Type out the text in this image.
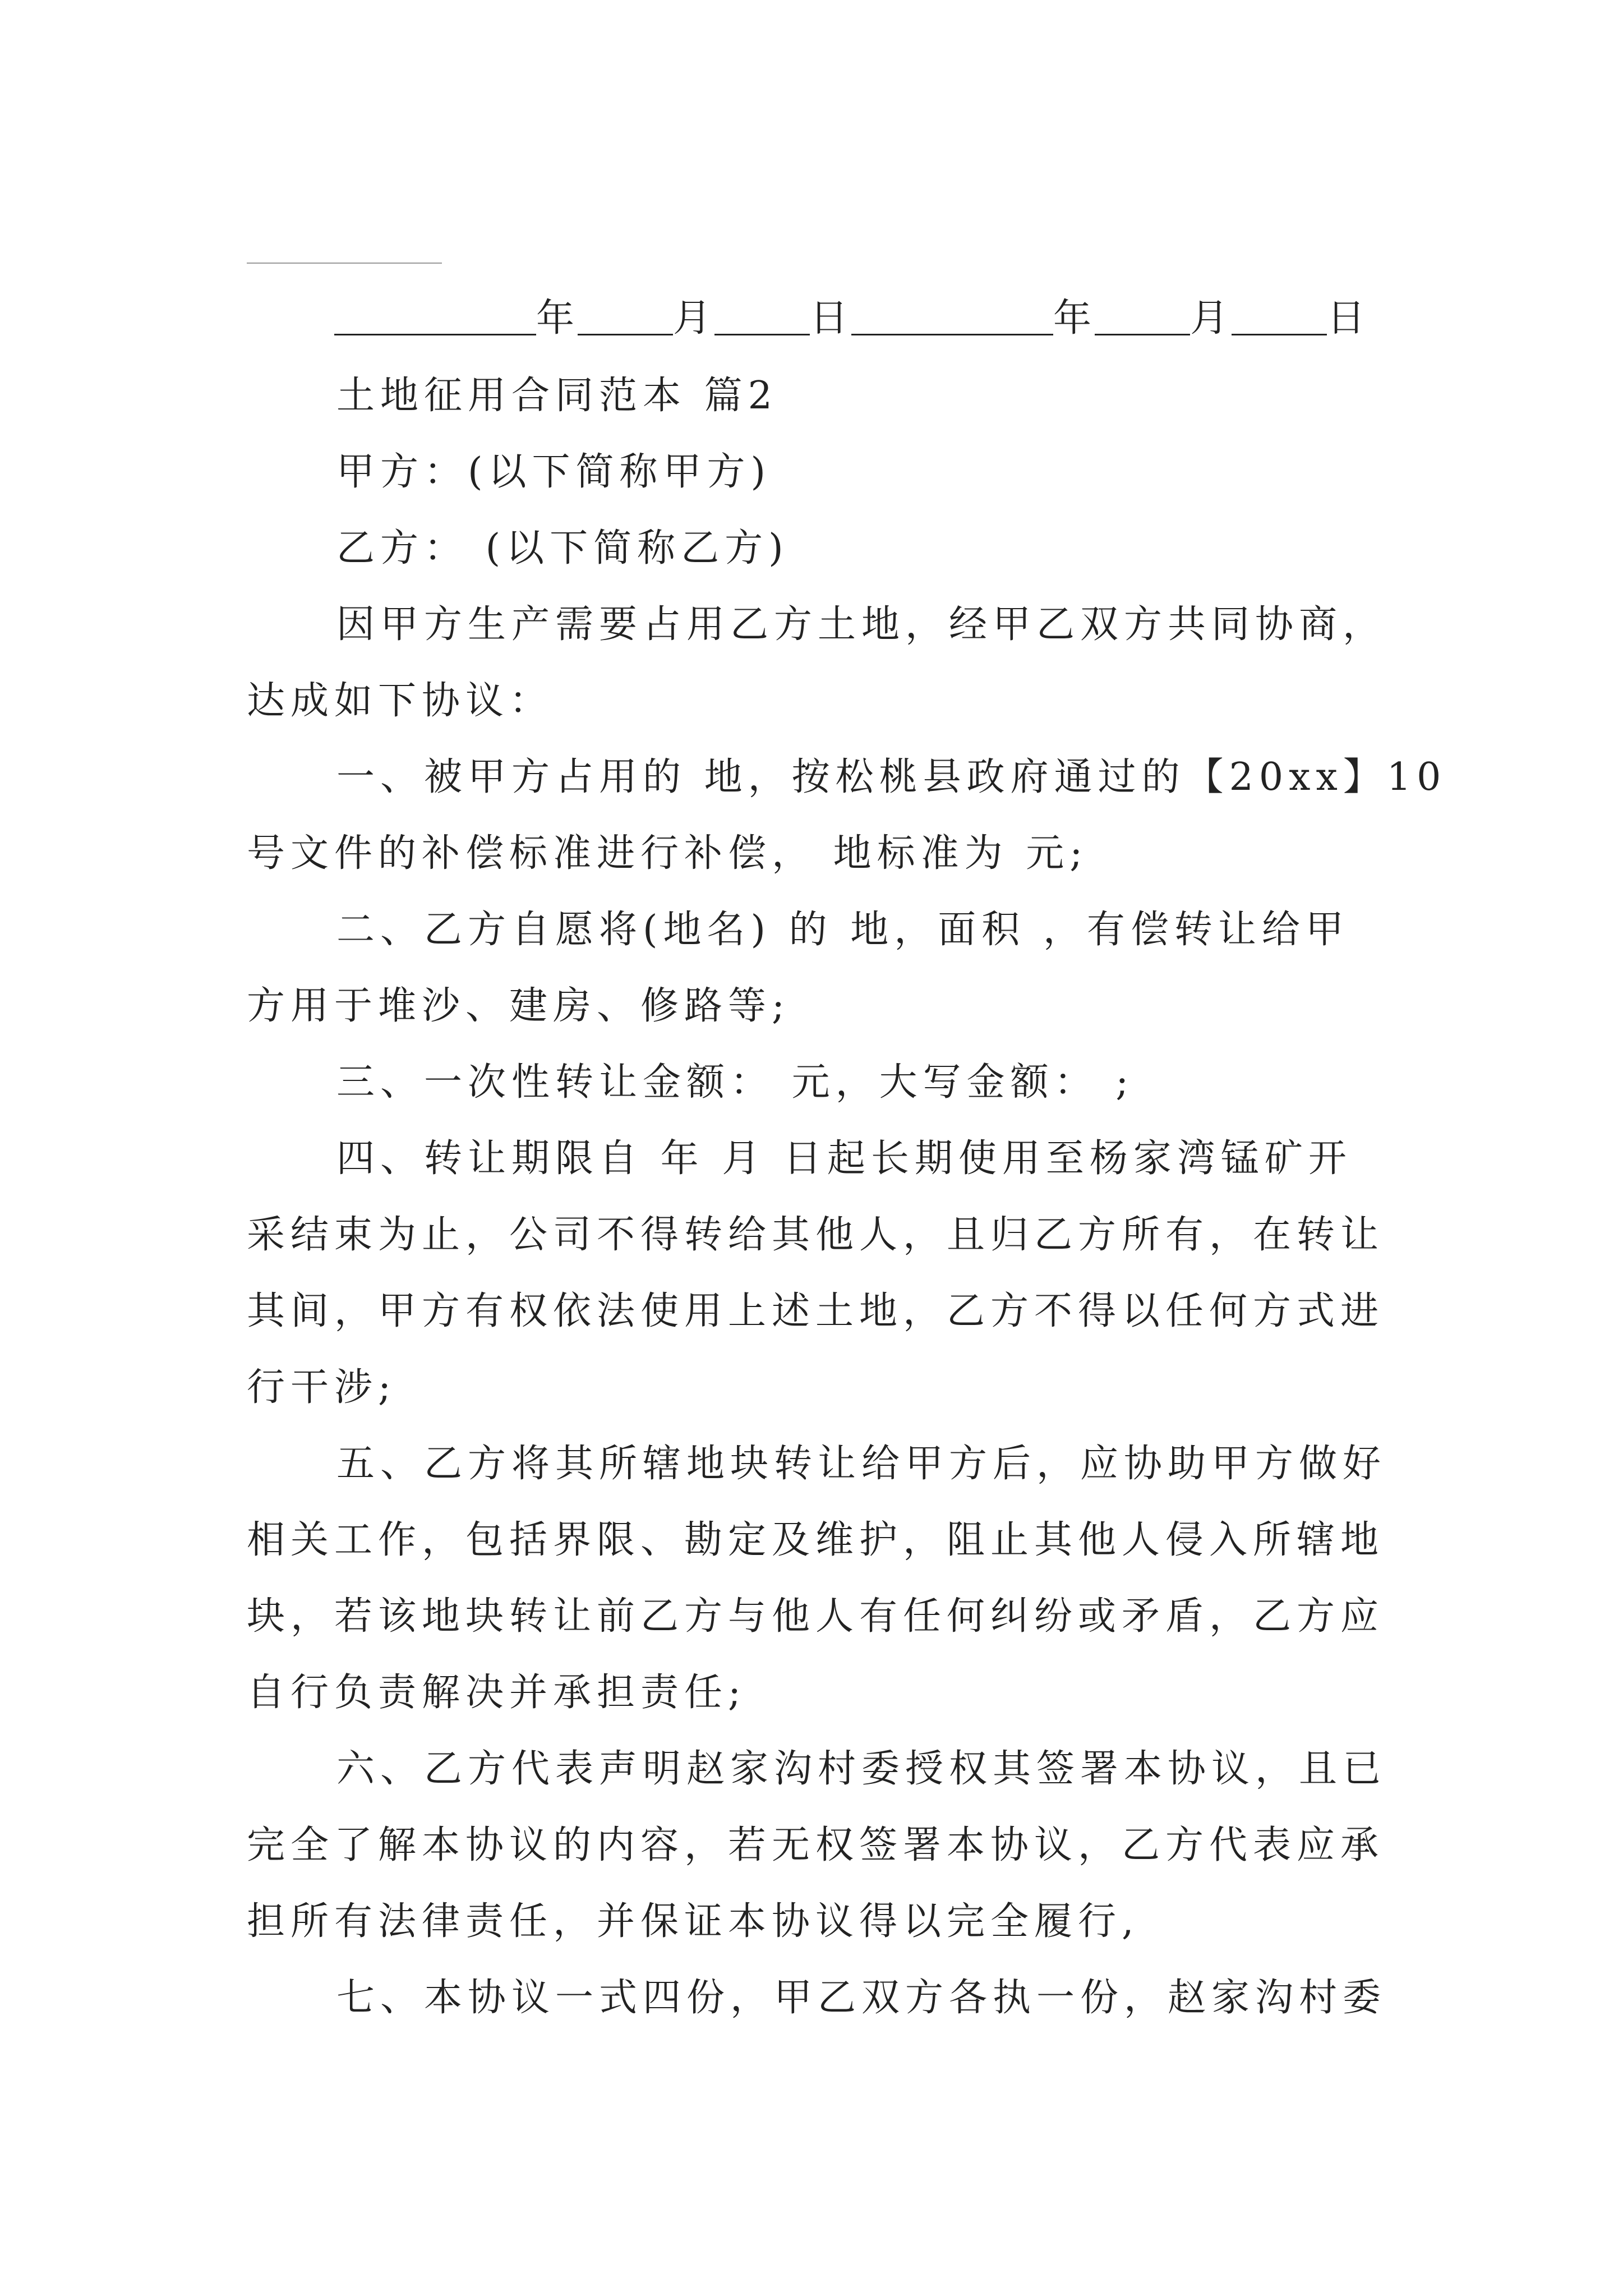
年	月	日	年	月	日
土地征用合同范本 篇2
甲方：(以下简称甲方)
乙方： (以下简称乙方)
因甲方生产需要占用乙方土地，经甲乙双方共同协商，
达成如下协议：
一、被甲方占用的 地，按松桃县政府通过的【20xx】10
号文件的补偿标准进行补偿， 地标准为 元;
二、乙方自愿将(地名) 的 地，面积 ，有偿转让给甲
方用于堆沙、建房、修路等;
三、一次性转让金额： 元，大写金额： ;
四、转让期限自 年 月 日起长期使用至杨家湾锰矿开
采结束为止，公司不得转给其他人，且归乙方所有，在转让
其间，甲方有权依法使用上述土地，乙方不得以任何方式进
行干涉;
五、乙方将其所辖地块转让给甲方后，应协助甲方做好
相关工作，包括界限、勘定及维护，阻止其他人侵入所辖地
块，若该地块转让前乙方与他人有任何纠纷或矛盾，乙方应
自行负责解决并承担责任;
六、乙方代表声明赵家沟村委授权其签署本协议，且已
完全了解本协议的内容，若无权签署本协议，乙方代表应承
担所有法律责任，并保证本协议得以完全履行,
七、本协议一式四份，甲乙双方各执一份，赵家沟村委
